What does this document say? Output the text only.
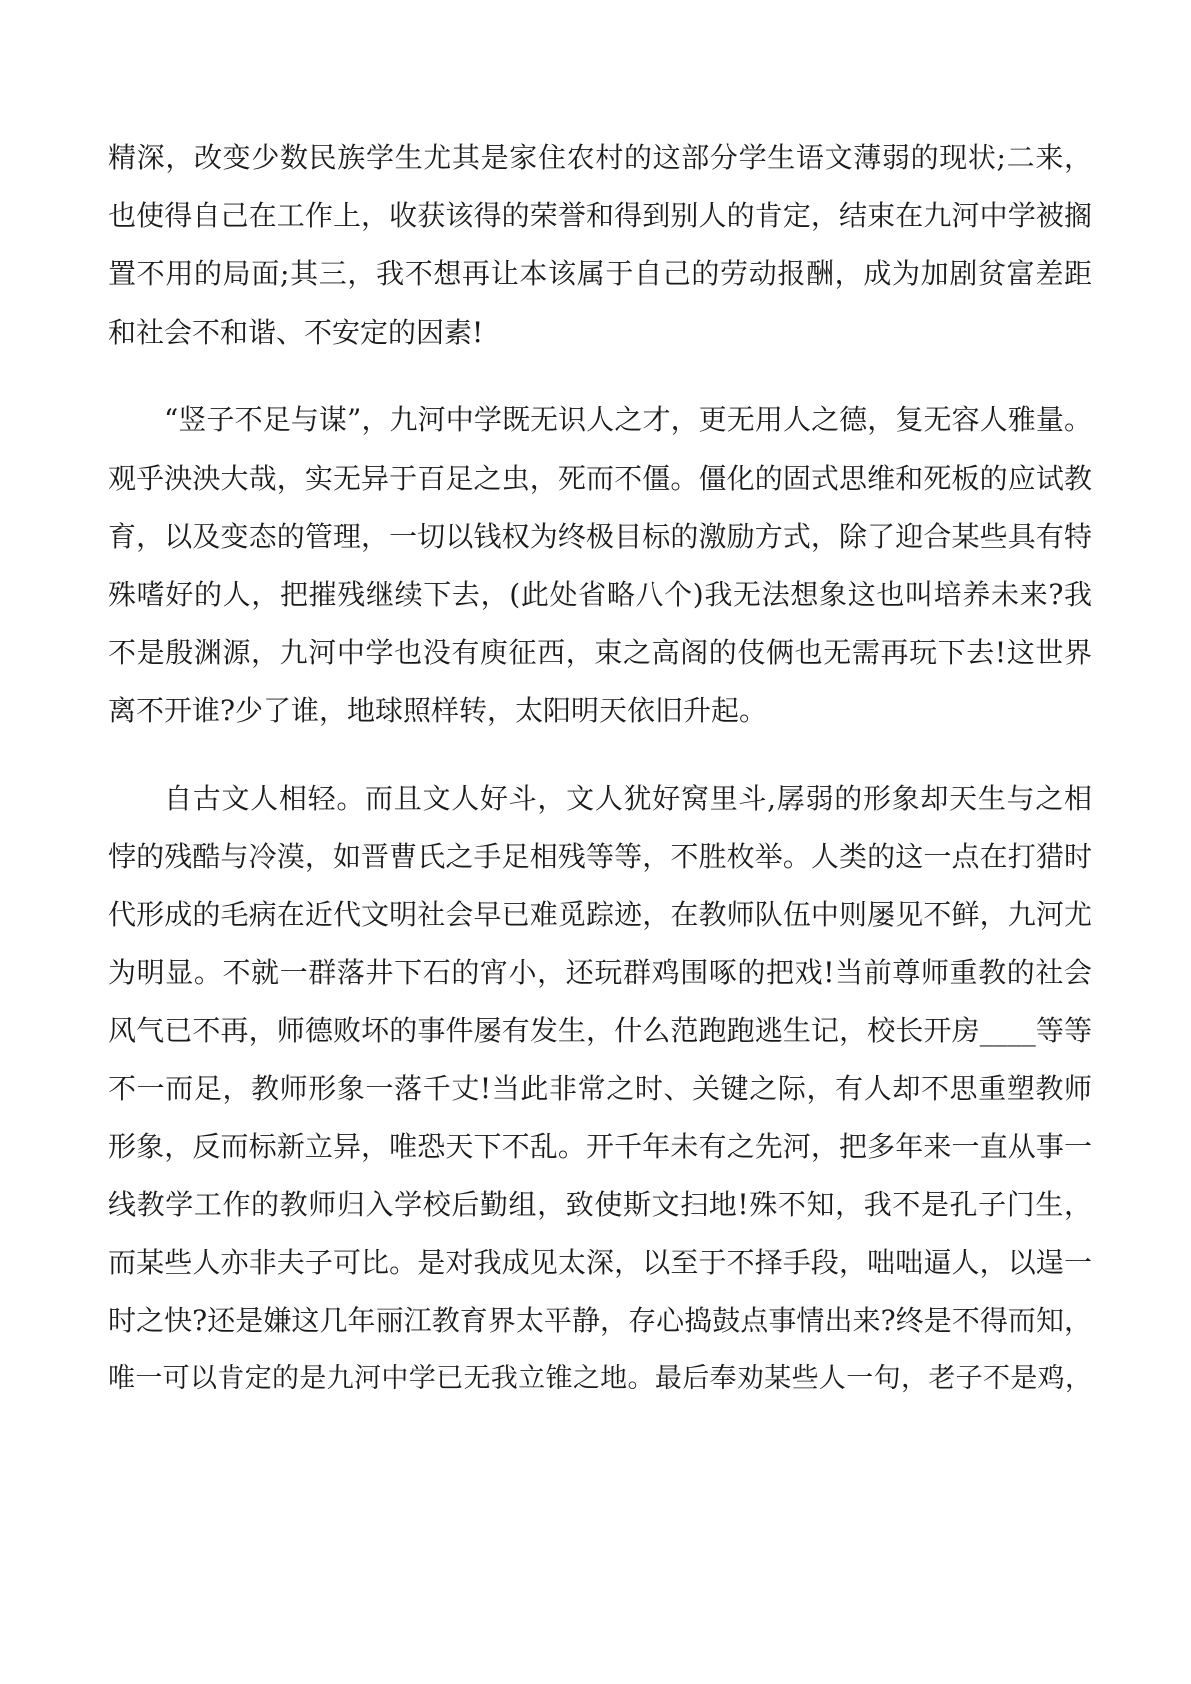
精深，改变少数民族学生尤其是家住农村的这部分学生语文薄弱的现状;二来，
也使得自己在工作上，收获该得的荣誉和得到别人的肯定，结束在九河中学被搁
置不用的局面;其三，我不想再让本该属于自己的劳动报酬，成为加剧贫富差距
和社会不和谐、不安定的因素!
“竖子不足与谋”，九河中学既无识人之才，更无用人之德，复无容人雅量。
观乎泱泱大哉，实无异于百足之虫，死而不僵。僵化的固式思维和死板的应试教
育，以及变态的管理，一切以钱权为终极目标的激励方式，除了迎合某些具有特
殊嗜好的人，把摧残继续下去，(此处省略八个)我无法想象这也叫培养未来?我
不是殷渊源，九河中学也没有庾征西，束之高阁的伎俩也无需再玩下去!这世界
离不开谁?少了谁，地球照样转，太阳明天依旧升起。
自古文人相轻。而且文人好斗，文人犹好窝里斗,孱弱的形象却天生与之相
悖的残酷与冷漠，如晋曹氏之手足相残等等，不胜枚举。人类的这一点在打猎时
代形成的毛病在近代文明社会早已难觅踪迹，在教师队伍中则屡见不鲜，九河尤
为明显。不就一群落井下石的宵小，还玩群鸡围啄的把戏!当前尊师重教的社会
风气已不再，师德败坏的事件屡有发生，什么范跑跑逃生记，校长开房____等等
不一而足，教师形象一落千丈!当此非常之时、关键之际，有人却不思重塑教师
形象，反而标新立异，唯恐天下不乱。开千年未有之先河，把多年来一直从事一
线教学工作的教师归入学校后勤组，致使斯文扫地!殊不知，我不是孔子门生，
而某些人亦非夫子可比。是对我成见太深，以至于不择手段，咄咄逼人，以逞一
时之快?还是嫌这几年丽江教育界太平静，存心捣鼓点事情出来?终是不得而知，
唯一可以肯定的是九河中学已无我立锥之地。最后奉劝某些人一句，老子不是鸡，
